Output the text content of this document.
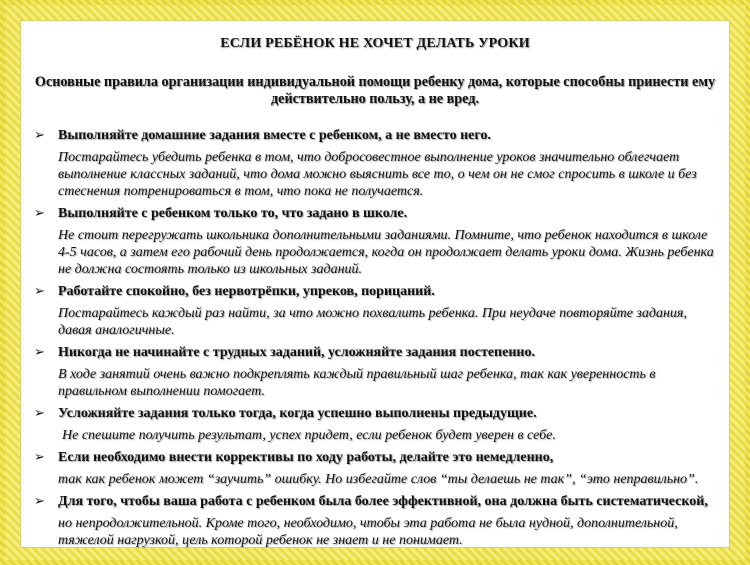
ЕСЛИ РЕБЁНОК НЕ ХОЧЕТ ДЕЛАТЬ УРОКИ
Основные правила организации индивидуальной помощи ребенку дома, которые способны принести ему действительно пользу, а не вред.
➢ Выполняйте домашние задания вместе с ребенком, а не вместо него.
Постарайтесь убедить ребенка в том, что добросовестное выполнение уроков значительно облегчает выполнение классных заданий, что дома можно выяснить все то, о чем он не смог спросить в школе и без стеснения потренироваться в том, что пока не получается.
➢ Выполняйте с ребенком только то, что задано в школе.
Не стоит перегружать школьника дополнительными заданиями. Помните, что ребенок находится в школе 4-5 часов, а затем его рабочий день продолжается, когда он продолжает делать уроки дома. Жизнь ребенка не должна состоять только из школьных заданий.
➢ Работайте спокойно, без нервотрёпки, упреков, порицаний.
Постарайтесь каждый раз найти, за что можно похвалить ребенка. При неудаче повторяйте задания, давая аналогичные.
➢ Никогда не начинайте с трудных заданий, усложняйте задания постепенно.
В ходе занятий очень важно подкреплять каждый правильный шаг ребенка, так как уверенность в правильном выполнении помогает.
➢ Усложняйте задания только тогда, когда успешно выполнены предыдущие.
Не спешите получить результат, успех придет, если ребенок будет уверен в себе.
➢ Если необходимо внести коррективы по ходу работы, делайте это немедленно,
так как ребенок может “заучить” ошибку. Но избегайте слов “ты делаешь не так”, “это неправильно”.
➢ Для того, чтобы ваша работа с ребенком была более эффективной, она должна быть систематической,
но непродолжительной. Кроме того, необходимо, чтобы эта работа не была нудной, дополнительной, тяжелой нагрузкой, цель которой ребенок не знает и не понимает.
